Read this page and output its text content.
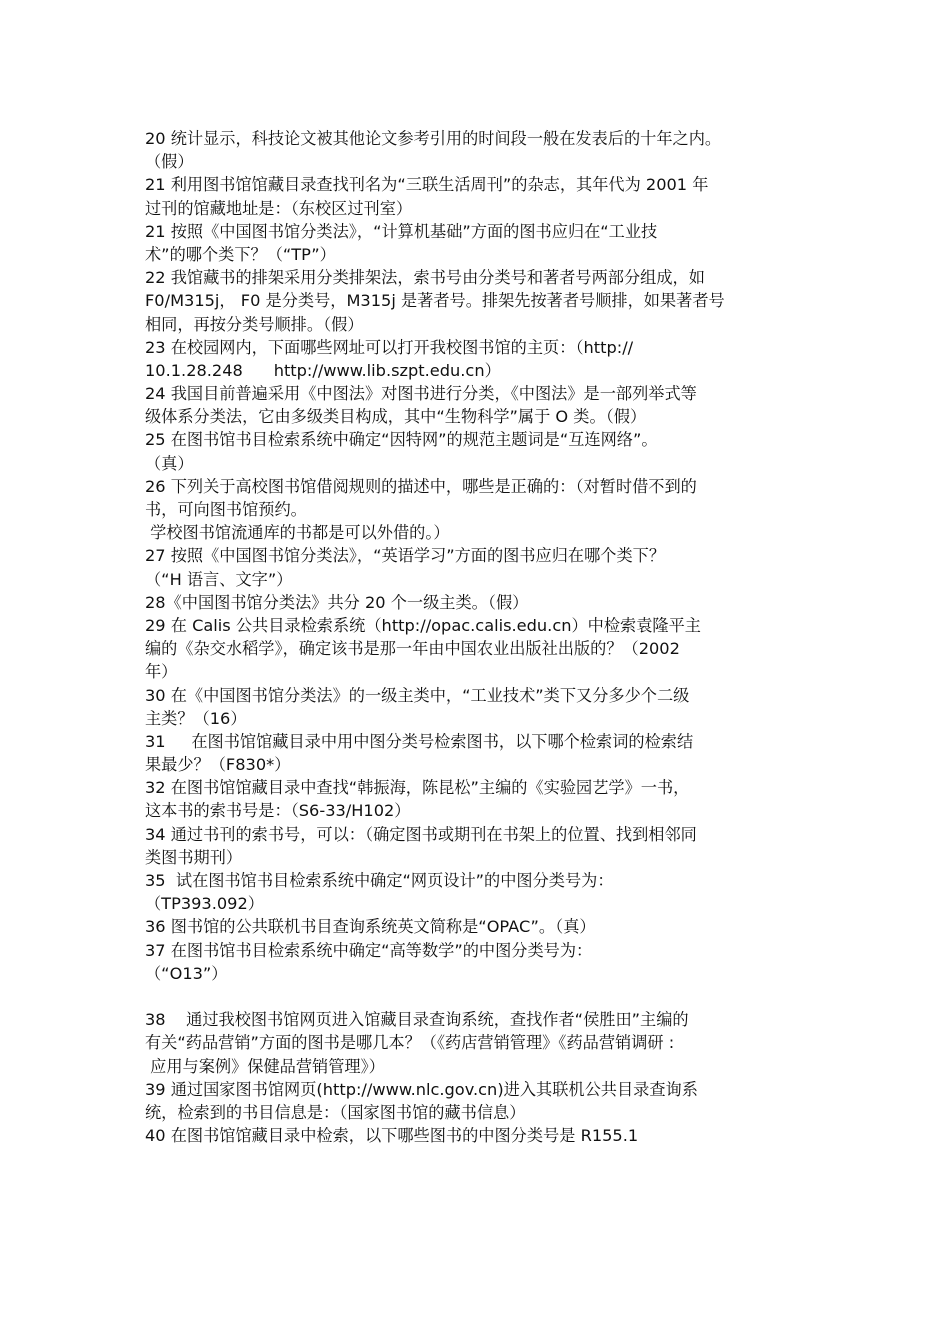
20 统计显示，科技论文被其他论文参考引用的时间段一般在发表后的十年之内。
（假）
21 利用图书馆馆藏目录查找刊名为“三联生活周刊”的杂志，其年代为 2001 年
过刊的馆藏地址是：（东校区过刊室）
21 按照《中国图书馆分类法》，“计算机基础”方面的图书应归在“工业技
术”的哪个类下？（“TP”）
22 我馆藏书的排架采用分类排架法，索书号由分类号和著者号两部分组成，如
F0/M315j， F0 是分类号，M315j 是著者号。排架先按著者号顺排，如果著者号
相同，再按分类号顺排。（假）
23 在校园网内，下面哪些网址可以打开我校图书馆的主页：（http://
10.1.28.248      http://www.lib.szpt.edu.cn）
24 我国目前普遍采用《中图法》对图书进行分类，《中图法》是一部列举式等
级体系分类法，它由多级类目构成，其中“生物科学”属于 O 类。（假）
25 在图书馆书目检索系统中确定“因特网”的规范主题词是“互连网络”。
（真）
26 下列关于高校图书馆借阅规则的描述中，哪些是正确的：（对暂时借不到的
书，可向图书馆预约。
学校图书馆流通库的书都是可以外借的。）
27 按照《中国图书馆分类法》，“英语学习”方面的图书应归在哪个类下？
（“H 语言、文字”）
28《中国图书馆分类法》共分 20 个一级主类。（假）
29 在 Calis 公共目录检索系统（http://opac.calis.edu.cn）中检索袁隆平主
编的《杂交水稻学》，确定该书是那一年由中国农业出版社出版的？（2002
年）
30 在《中国图书馆分类法》的一级主类中，“工业技术”类下又分多少个二级
主类？（16）
31     在图书馆馆藏目录中用中图分类号检索图书，以下哪个检索词的检索结
果最少？（F830*）
32 在图书馆馆藏目录中查找“韩振海，陈昆松”主编的《实验园艺学》一书，
这本书的索书号是：（S6-33/H102）
34 通过书刊的索书号，可以：（确定图书或期刊在书架上的位置、找到相邻同
类图书期刊）
35  试在图书馆书目检索系统中确定“网页设计”的中图分类号为：
（TP393.092）
36 图书馆的公共联机书目查询系统英文简称是“OPAC”。（真）
37 在图书馆书目检索系统中确定“高等数学”的中图分类号为：
（“O13”）
38    通过我校图书馆网页进入馆藏目录查询系统，查找作者“侯胜田”主编的
有关“药品营销”方面的图书是哪几本？（《药店营销管理》《药品营销调研 :
应用与案例》保健品营销管理》）
39 通过国家图书馆网页(http://www.nlc.gov.cn)进入其联机公共目录查询系
统，检索到的书目信息是：（国家图书馆的藏书信息）
40 在图书馆馆藏目录中检索，以下哪些图书的中图分类号是 R155.1
